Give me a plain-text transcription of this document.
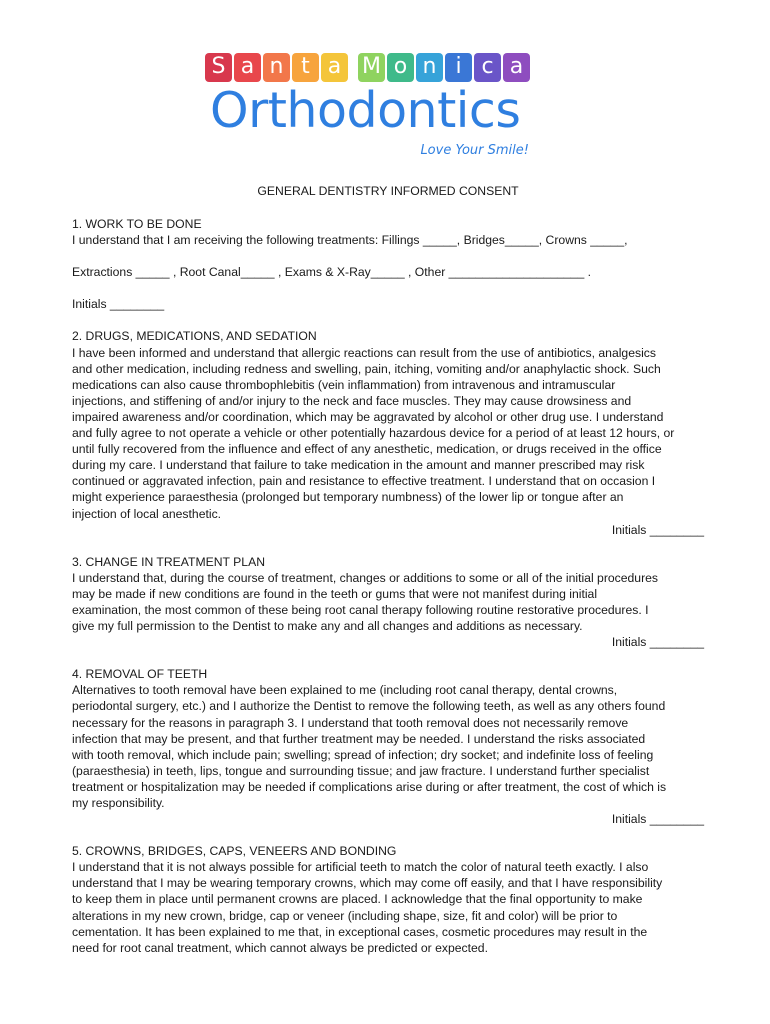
S a n t a M o n i c a
Orthodontics
Love Your Smile!

GENERAL DENTISTRY INFORMED CONSENT

1. WORK TO BE DONE

I understand that I am receiving the following treatments: Fillings _____, Bridges_____, Crowns _____,

Extractions _____ , Root Canal_____ , Exams & X-Ray_____ , Other ____________________ .

Initials ________

2. DRUGS, MEDICATIONS, AND SEDATION

I have been informed and understand that allergic reactions can result from the use of antibiotics, analgesics
and other medication, including redness and swelling, pain, itching, vomiting and/or anaphylactic shock. Such
medications can also cause thrombophlebitis (vein inflammation) from intravenous and intramuscular
injections, and stiffening of and/or injury to the neck and face muscles. They may cause drowsiness and
impaired awareness and/or coordination, which may be aggravated by alcohol or other drug use. I understand
and fully agree to not operate a vehicle or other potentially hazardous device for a period of at least 12 hours, or
until fully recovered from the influence and effect of any anesthetic, medication, or drugs received in the office
during my care. I understand that failure to take medication in the amount and manner prescribed may risk
continued or aggravated infection, pain and resistance to effective treatment. I understand that on occasion I
might experience paraesthesia (prolonged but temporary numbness) of the lower lip or tongue after an
injection of local anesthetic.

Initials ________

3. CHANGE IN TREATMENT PLAN

I understand that, during the course of treatment, changes or additions to some or all of the initial procedures
may be made if new conditions are found in the teeth or gums that were not manifest during initial
examination, the most common of these being root canal therapy following routine restorative procedures. I
give my full permission to the Dentist to make any and all changes and additions as necessary.

Initials ________

4. REMOVAL OF TEETH

Alternatives to tooth removal have been explained to me (including root canal therapy, dental crowns,
periodontal surgery, etc.) and I authorize the Dentist to remove the following teeth, as well as any others found
necessary for the reasons in paragraph 3. I understand that tooth removal does not necessarily remove
infection that may be present, and that further treatment may be needed. I understand the risks associated
with tooth removal, which include pain; swelling; spread of infection; dry socket; and indefinite loss of feeling
(paraesthesia) in teeth, lips, tongue and surrounding tissue; and jaw fracture. I understand further specialist
treatment or hospitalization may be needed if complications arise during or after treatment, the cost of which is
my responsibility.

Initials ________

5. CROWNS, BRIDGES, CAPS, VENEERS AND BONDING

I understand that it is not always possible for artificial teeth to match the color of natural teeth exactly. I also
understand that I may be wearing temporary crowns, which may come off easily, and that I have responsibility
to keep them in place until permanent crowns are placed. I acknowledge that the final opportunity to make
alterations in my new crown, bridge, cap or veneer (including shape, size, fit and color) will be prior to
cementation. It has been explained to me that, in exceptional cases, cosmetic procedures may result in the
need for root canal treatment, which cannot always be predicted or expected.
